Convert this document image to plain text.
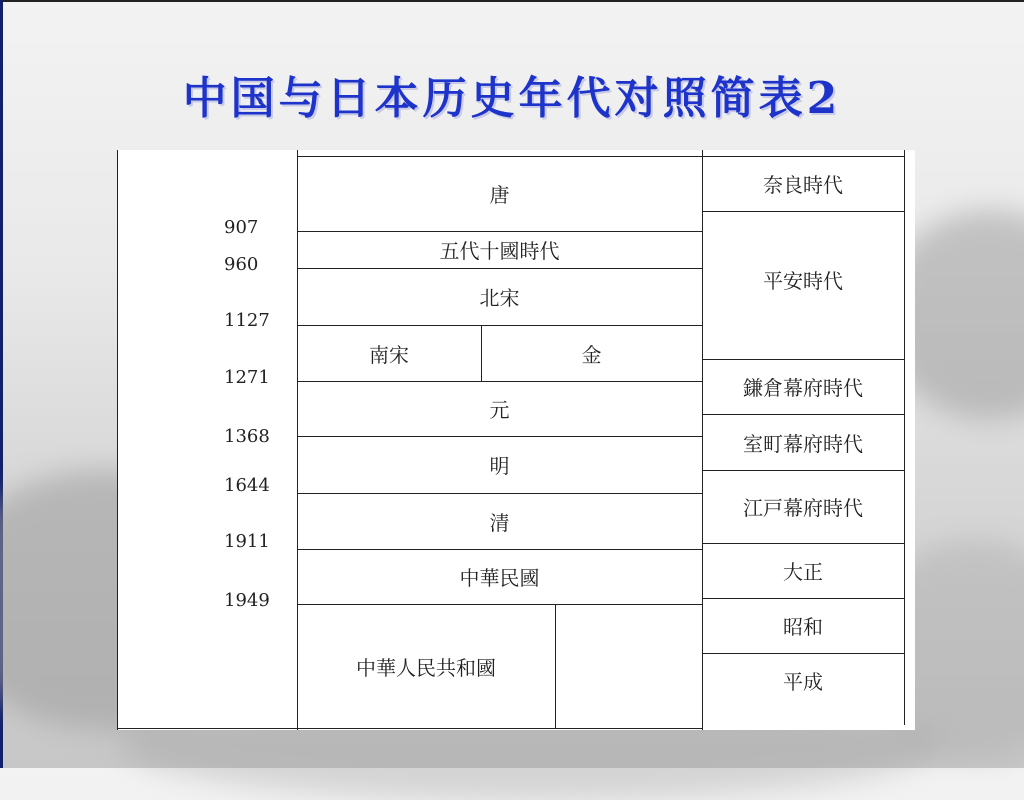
中国与日本历史年代对照简表2
907
960
1127
1271
1368
1644
1911
1949
唐
五代十國時代
北宋
南宋	金
元
明
清
中華民國
中華人民共和國
奈良時代
平安時代
鎌倉幕府時代
室町幕府時代
江戸幕府時代
大正
昭和
平成
